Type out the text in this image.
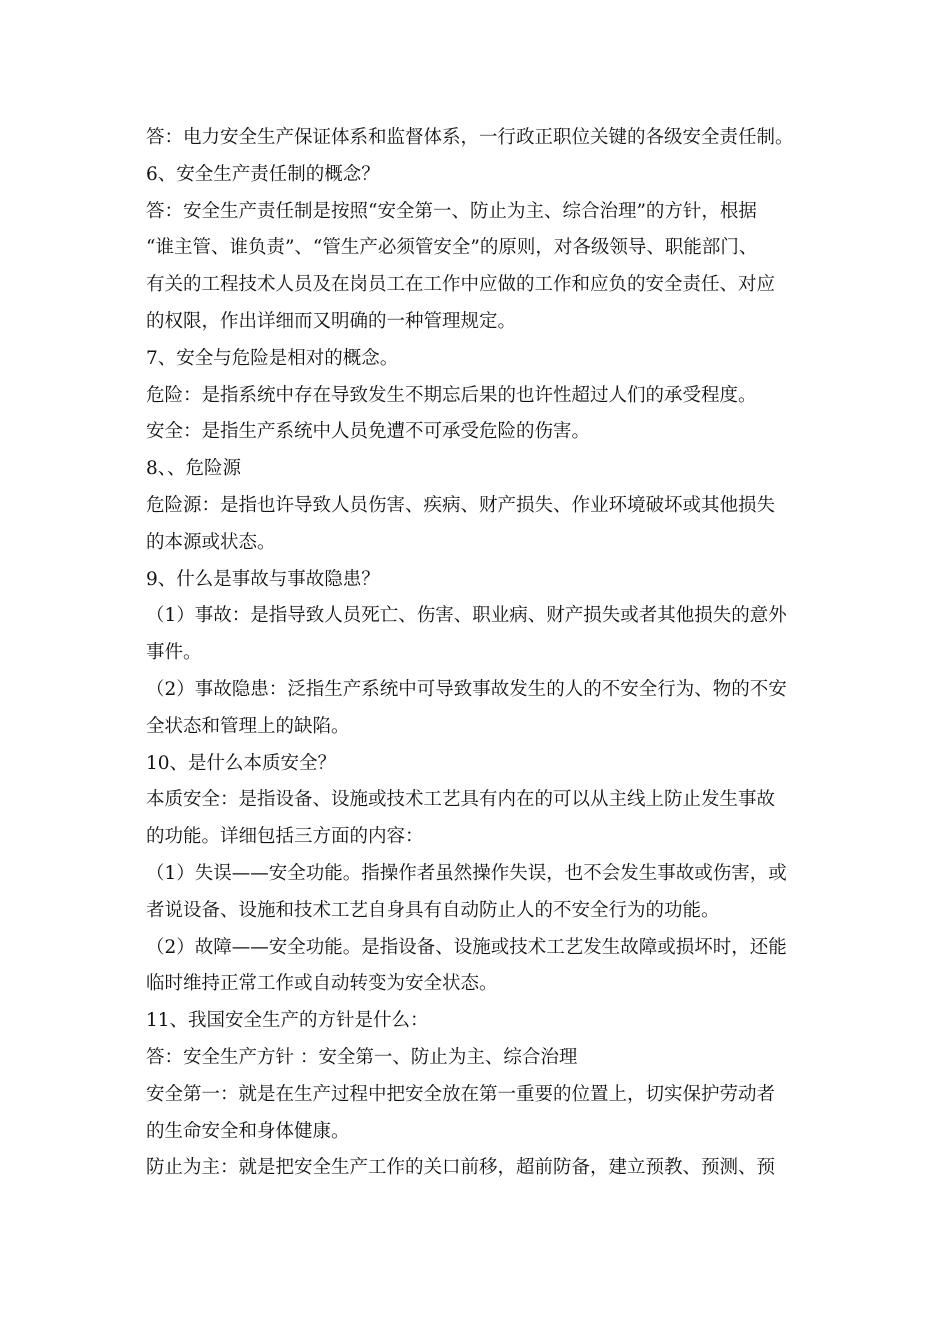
答：电力安全生产保证体系和监督体系，一行政正职位关键的各级安全责任制。

6、安全生产责任制的概念？

答：安全生产责任制是按照“安全第一、防止为主、综合治理”的方针，根据

“谁主管、谁负责”、“管生产必须管安全”的原则，对各级领导、职能部门、

有关的工程技术人员及在岗员工在工作中应做的工作和应负的安全责任、对应

的权限，作出详细而又明确的一种管理规定。

7、安全与危险是相对的概念。

危险：是指系统中存在导致发生不期忘后果的也许性超过人们的承受程度。

安全：是指生产系统中人员免遭不可承受危险的伤害。

8、、危险源

危险源：是指也许导致人员伤害、疾病、财产损失、作业环境破坏或其他损失

的本源或状态。

9、什么是事故与事故隐患？

（1）事故：是指导致人员死亡、伤害、职业病、财产损失或者其他损失的意外

事件。

（2）事故隐患：泛指生产系统中可导致事故发生的人的不安全行为、物的不安

全状态和管理上的缺陷。

10、是什么本质安全？

本质安全：是指设备、设施或技术工艺具有内在的可以从主线上防止发生事故

的功能。详细包括三方面的内容：

（1）失误——安全功能。指操作者虽然操作失误，也不会发生事故或伤害，或

者说设备、设施和技术工艺自身具有自动防止人的不安全行为的功能。

（2）故障——安全功能。是指设备、设施或技术工艺发生故障或损坏时，还能

临时维持正常工作或自动转变为安全状态。

11、我国安全生产的方针是什么：

答：安全生产方针 ：安全第一、防止为主、综合治理

安全第一：就是在生产过程中把安全放在第一重要的位置上，切实保护劳动者

的生命安全和身体健康。

防止为主：就是把安全生产工作的关口前移，超前防备，建立预教、预测、预
